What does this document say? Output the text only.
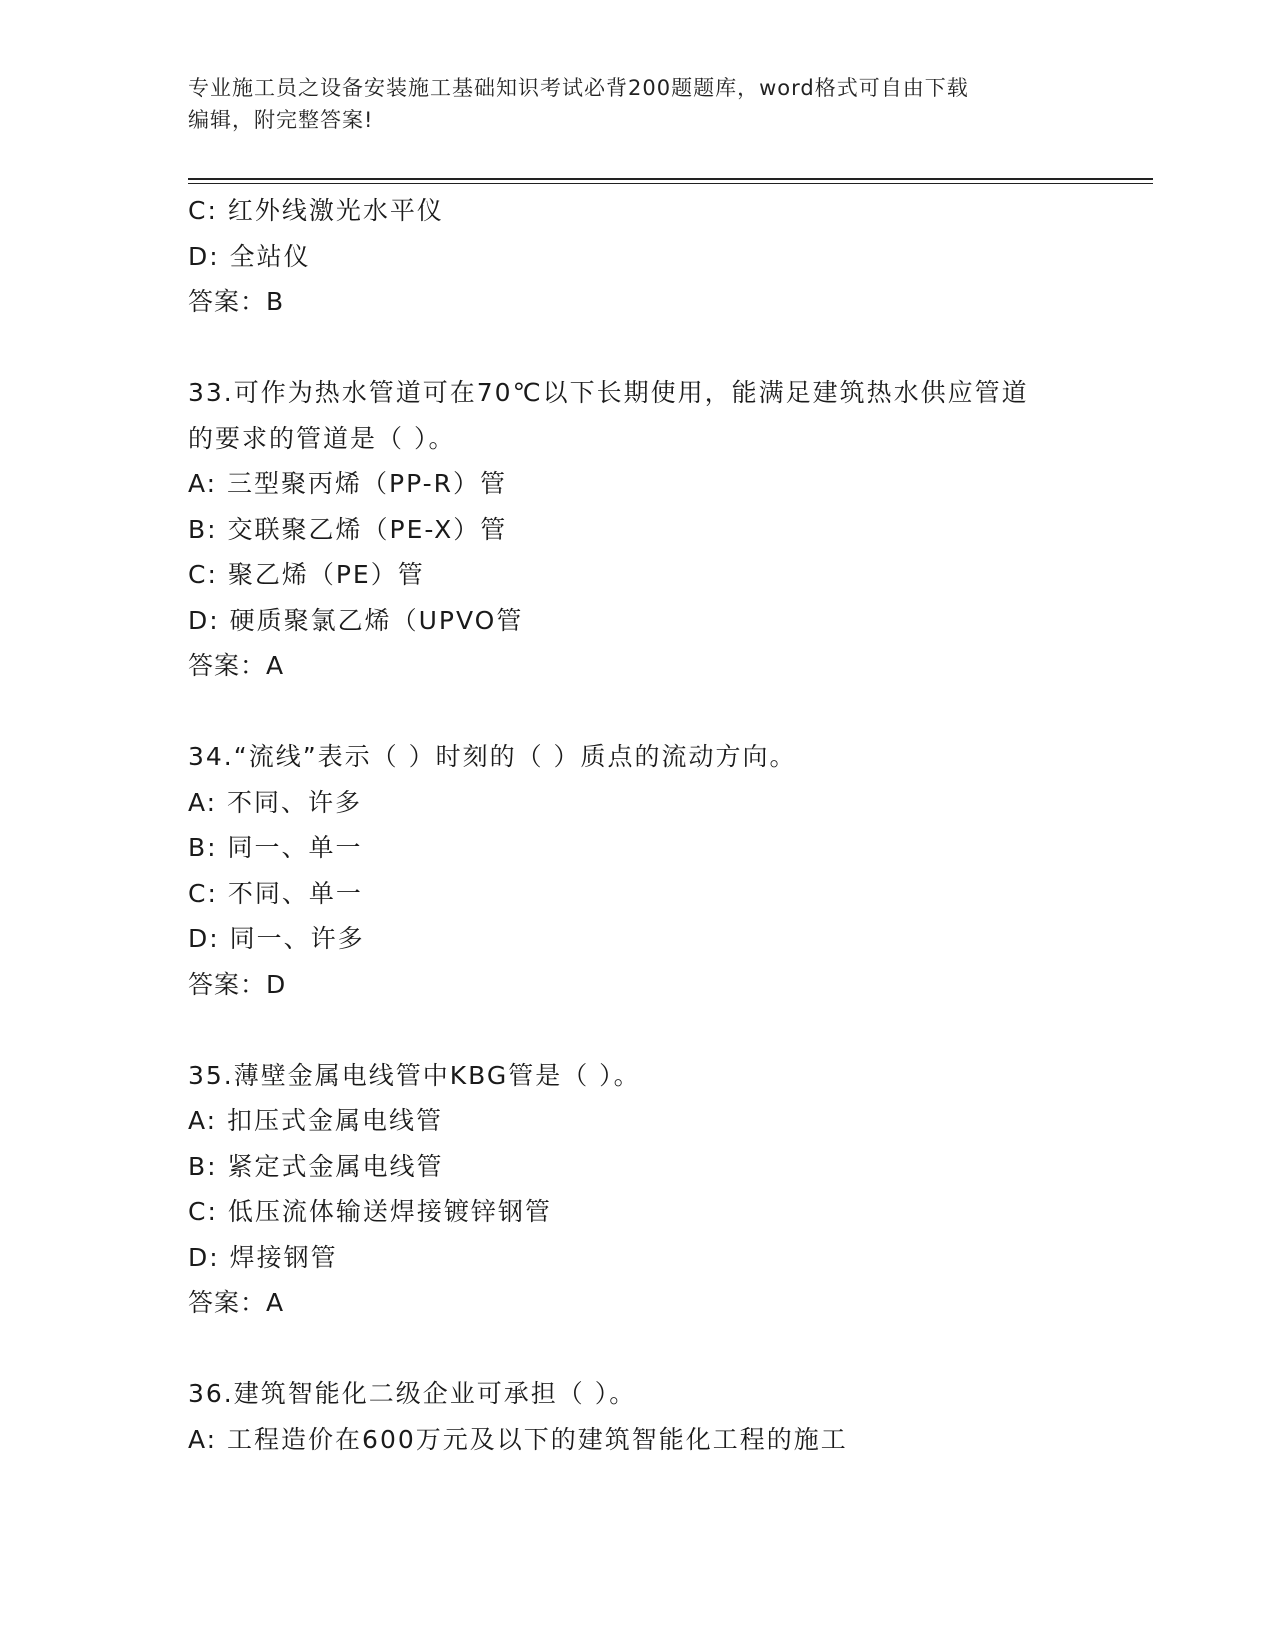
专业施工员之设备安装施工基础知识考试必背200题题库，word格式可自由下载
编辑，附完整答案!
C: 红外线激光水平仪
D: 全站仪
答案：B
33.可作为热水管道可在70℃以下长期使用，能满足建筑热水供应管道
的要求的管道是（ ）。
A: 三型聚丙烯（PP-R）管
B: 交联聚乙烯（PE-X）管
C: 聚乙烯（PE）管
D: 硬质聚氯乙烯（UPVO管
答案：A
34.“流线”表示（ ）时刻的（ ）质点的流动方向。
A: 不同、许多
B: 同一、单一
C: 不同、单一
D: 同一、许多
答案：D
35.薄壁金属电线管中KBG管是（ ）。
A: 扣压式金属电线管
B: 紧定式金属电线管
C: 低压流体输送焊接镀锌钢管
D: 焊接钢管
答案：A
36.建筑智能化二级企业可承担（ ）。
A: 工程造价在600万元及以下的建筑智能化工程的施工
